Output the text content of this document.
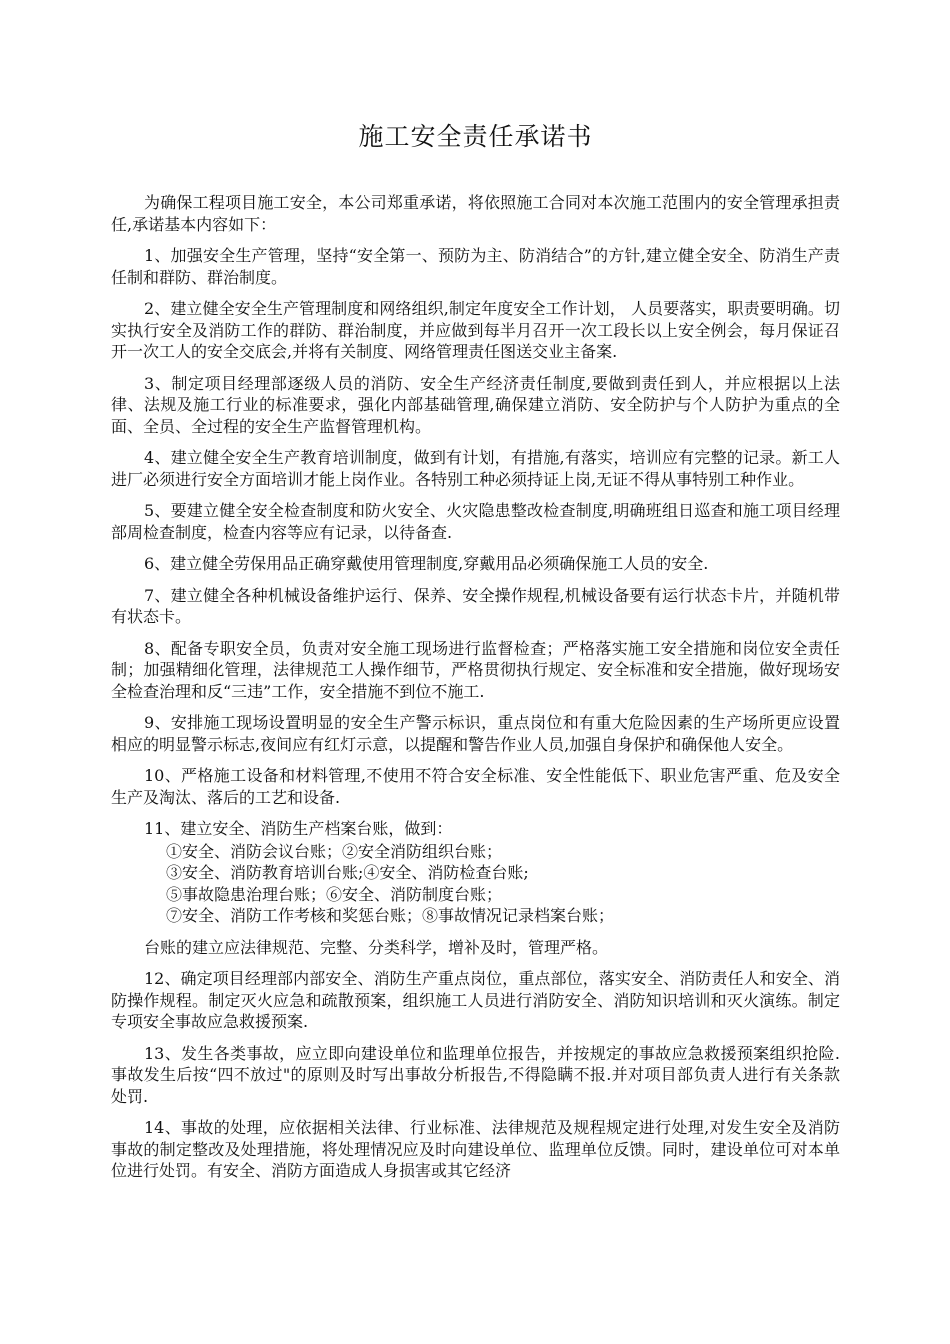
施工安全责任承诺书

为确保工程项目施工安全，本公司郑重承诺，将依照施工合同对本次施工范围内的安全管理承担责任,承诺基本内容如下：

1、加强安全生产管理，坚持“安全第一、预防为主、防消结合”的方针,建立健全安全、防消生产责任制和群防、群治制度。

2、建立健全安全生产管理制度和网络组织,制定年度安全工作计划， 人员要落实，职责要明确。切实执行安全及消防工作的群防、群治制度，并应做到每半月召开一次工段长以上安全例会，每月保证召开一次工人的安全交底会,并将有关制度、网络管理责任图送交业主备案.

3、制定项目经理部逐级人员的消防、安全生产经济责任制度,要做到责任到人，并应根据以上法律、法规及施工行业的标准要求，强化内部基础管理,确保建立消防、安全防护与个人防护为重点的全面、全员、全过程的安全生产监督管理机构。

4、建立健全安全生产教育培训制度，做到有计划，有措施,有落实，培训应有完整的记录。新工人进厂必须进行安全方面培训才能上岗作业。各特别工种必须持证上岗,无证不得从事特别工种作业。

5、要建立健全安全检查制度和防火安全、火灾隐患整改检查制度,明确班组日巡查和施工项目经理部周检查制度，检查内容等应有记录，以待备查.

6、建立健全劳保用品正确穿戴使用管理制度,穿戴用品必须确保施工人员的安全.

7、建立健全各种机械设备维护运行、保养、安全操作规程,机械设备要有运行状态卡片，并随机带有状态卡。

8、配备专职安全员，负责对安全施工现场进行监督检查；严格落实施工安全措施和岗位安全责任制；加强精细化管理，法律规范工人操作细节，严格贯彻执行规定、安全标准和安全措施，做好现场安全检查治理和反“三违”工作，安全措施不到位不施工.

9、安排施工现场设置明显的安全生产警示标识，重点岗位和有重大危险因素的生产场所更应设置相应的明显警示标志,夜间应有红灯示意，以提醒和警告作业人员,加强自身保护和确保他人安全。

10、严格施工设备和材料管理,不使用不符合安全标准、安全性能低下、职业危害严重、危及安全生产及淘汰、落后的工艺和设备.

11、建立安全、消防生产档案台账，做到：

①安全、消防会议台账；②安全消防组织台账；
③安全、消防教育培训台账;④安全、消防检查台账;
⑤事故隐患治理台账；⑥安全、消防制度台账；
⑦安全、消防工作考核和奖惩台账；⑧事故情况记录档案台账；

台账的建立应法律规范、完整、分类科学，增补及时，管理严格。

12、确定项目经理部内部安全、消防生产重点岗位，重点部位，落实安全、消防责任人和安全、消防操作规程。制定灭火应急和疏散预案，组织施工人员进行消防安全、消防知识培训和灭火演练。制定专项安全事故应急救援预案.

13、发生各类事故，应立即向建设单位和监理单位报告，并按规定的事故应急救援预案组织抢险.事故发生后按“四不放过"的原则及时写出事故分析报告,不得隐瞒不报.并对项目部负责人进行有关条款处罚.

14、事故的处理，应依据相关法律、行业标准、法律规范及规程规定进行处理,对发生安全及消防事故的制定整改及处理措施，将处理情况应及时向建设单位、监理单位反馈。同时，建设单位可对本单位进行处罚。有安全、消防方面造成人身损害或其它经济
